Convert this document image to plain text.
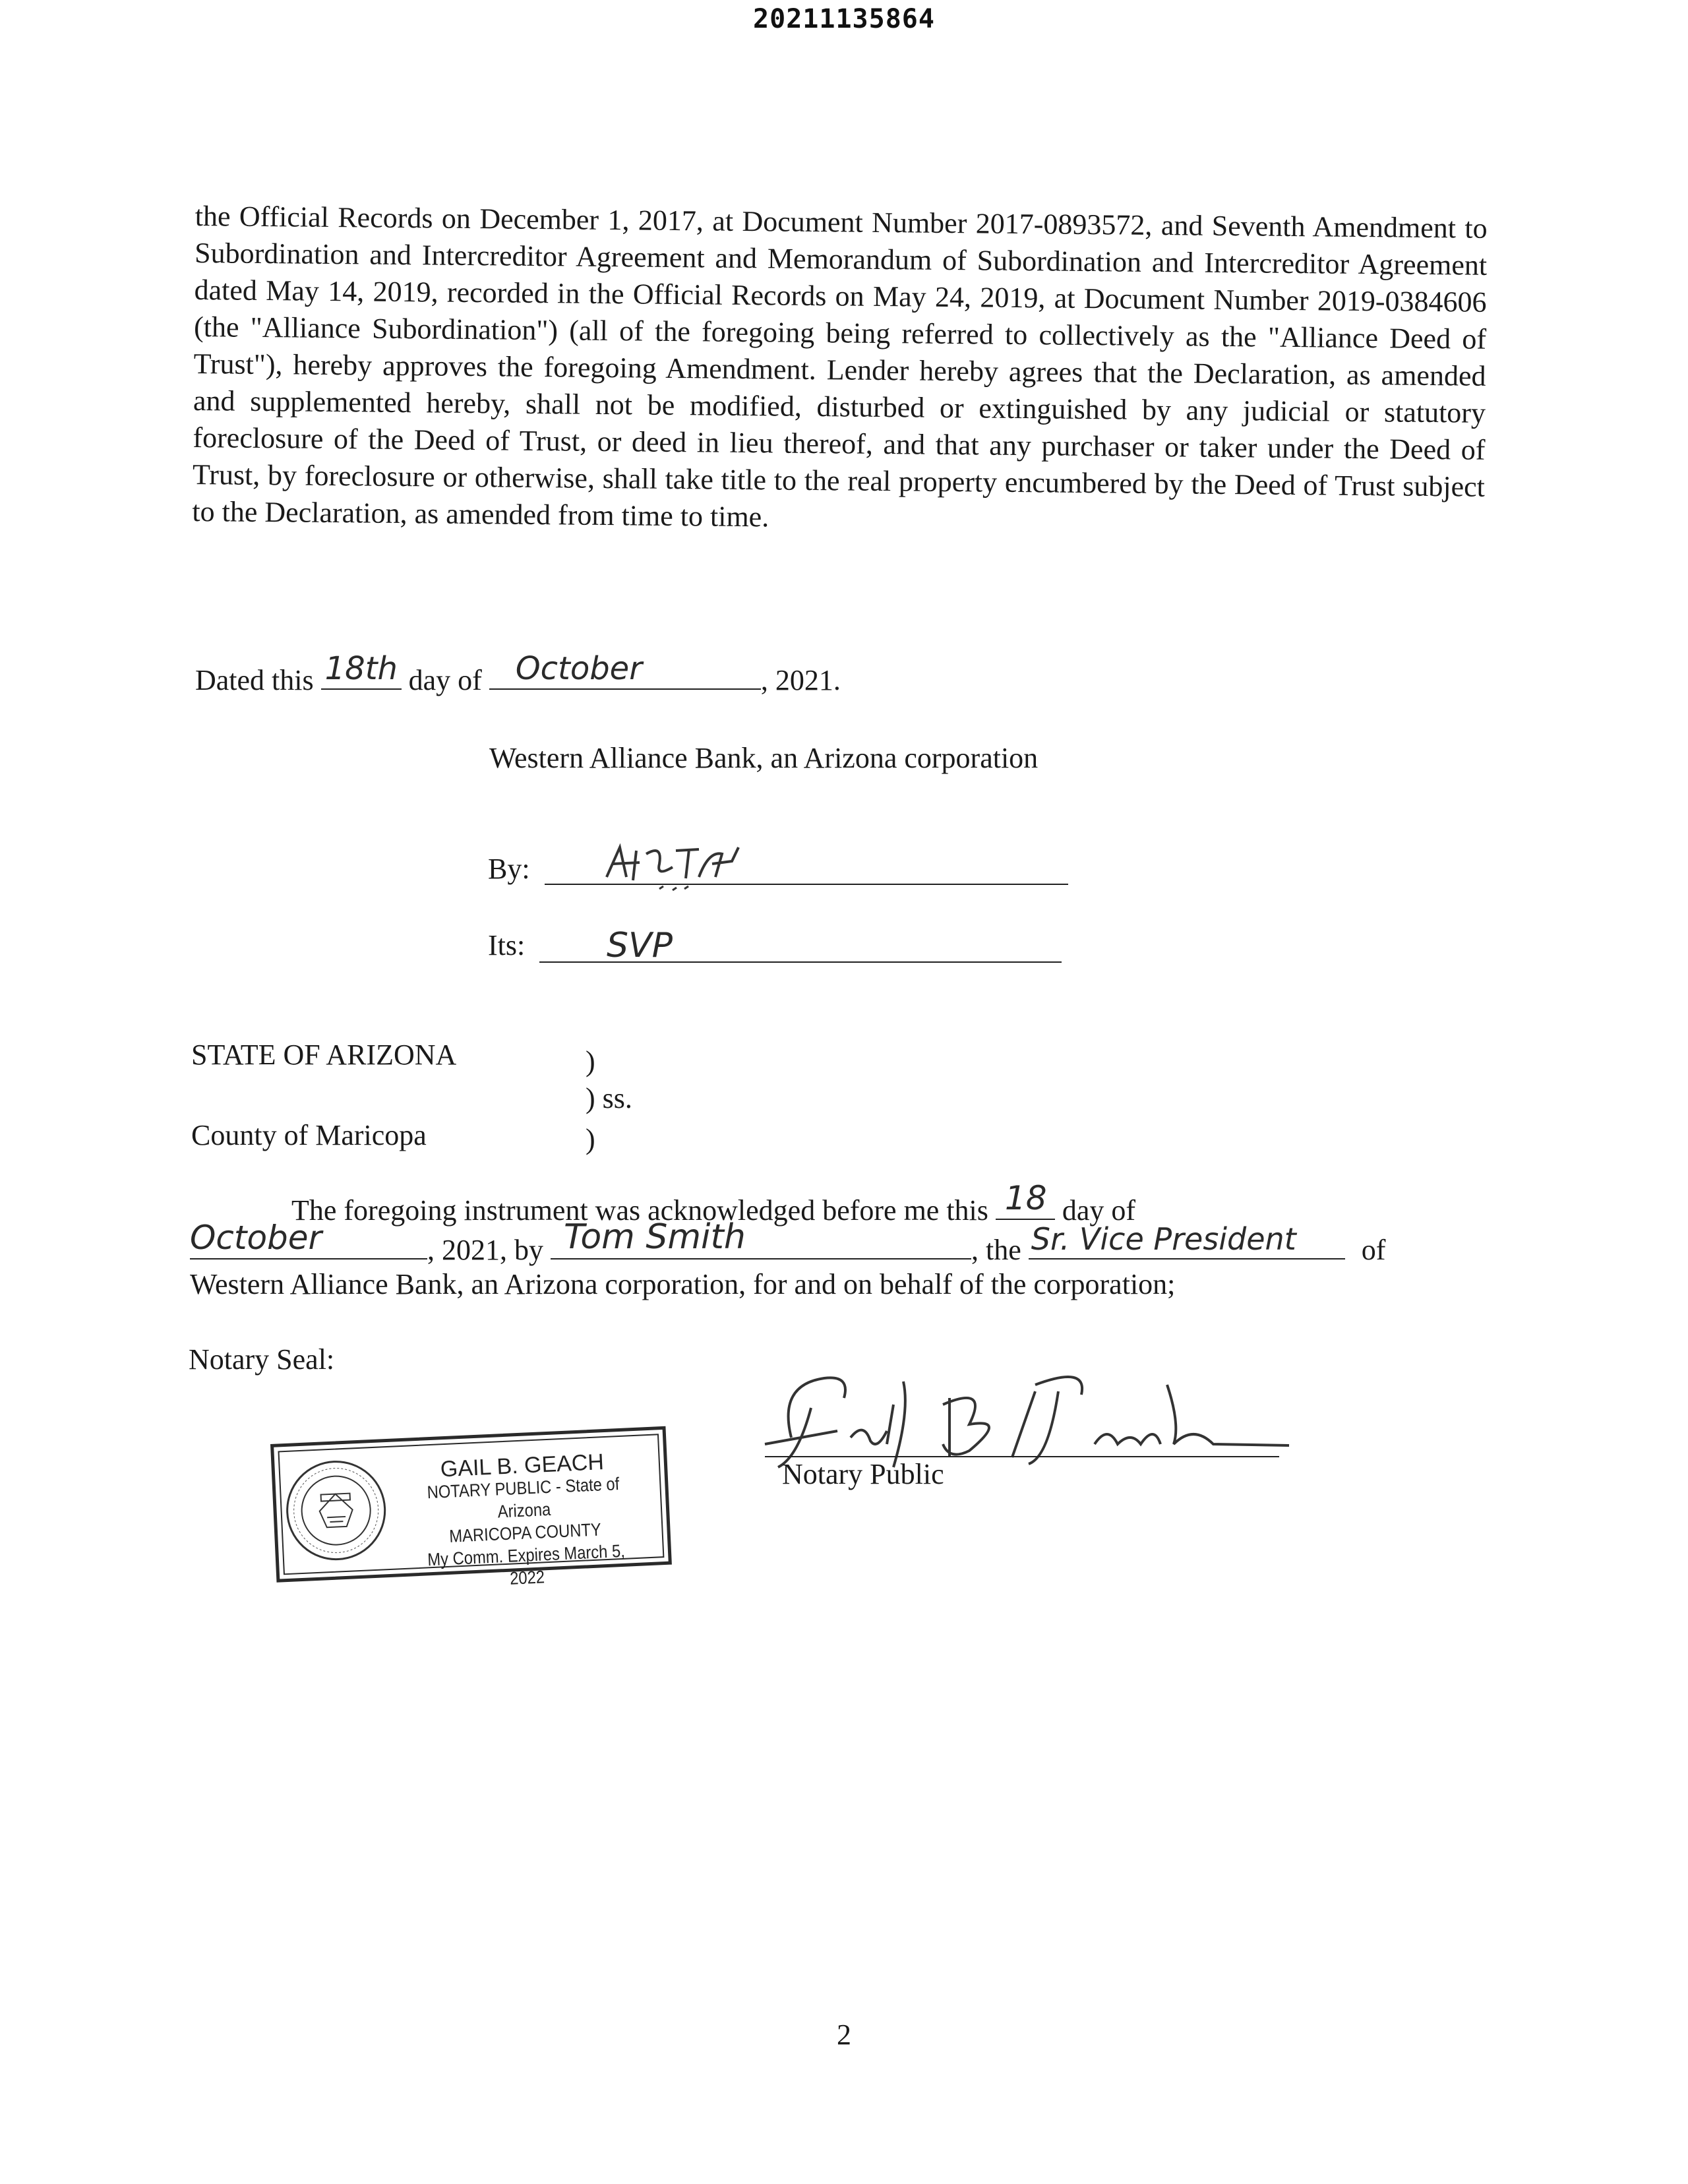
20211135864

the Official Records on December 1, 2017, at Document Number 2017-0893572, and Seventh Amendment to Subordination and Intercreditor Agreement and Memorandum of Subordination and Intercreditor Agreement dated May 14, 2019, recorded in the Official Records on May 24, 2019, at Document Number 2019-0384606 (the "Alliance Subordination") (all of the foregoing being referred to collectively as the "Alliance Deed of Trust"), hereby approves the foregoing Amendment. Lender hereby agrees that the Declaration, as amended and supplemented hereby, shall not be modified, disturbed or extinguished by any judicial or statutory foreclosure of the Deed of Trust, or deed in lieu thereof, and that any purchaser or taker under the Deed of Trust, by foreclosure or otherwise, shall take title to the real property encumbered by the Deed of Trust subject to the Declaration, as amended from time to time.

Dated this 18th day of October	, 2021.
Western Alliance Bank, an Arizona corporation
By:
Its: SVP
STATE OF ARIZONA	)
) ss.
County of Maricopa	)
The foregoing instrument was acknowledged before me this 18 day of
October	, 2021, by Tom Smith	, the Sr. Vice President of
Western Alliance Bank, an Arizona corporation, for and on behalf of the corporation;
Notary Seal:
Notary Public
GAIL B. GEACH
NOTARY PUBLIC - State of Arizona
MARICOPA COUNTY
My Comm. Expires March 5, 2022
2
